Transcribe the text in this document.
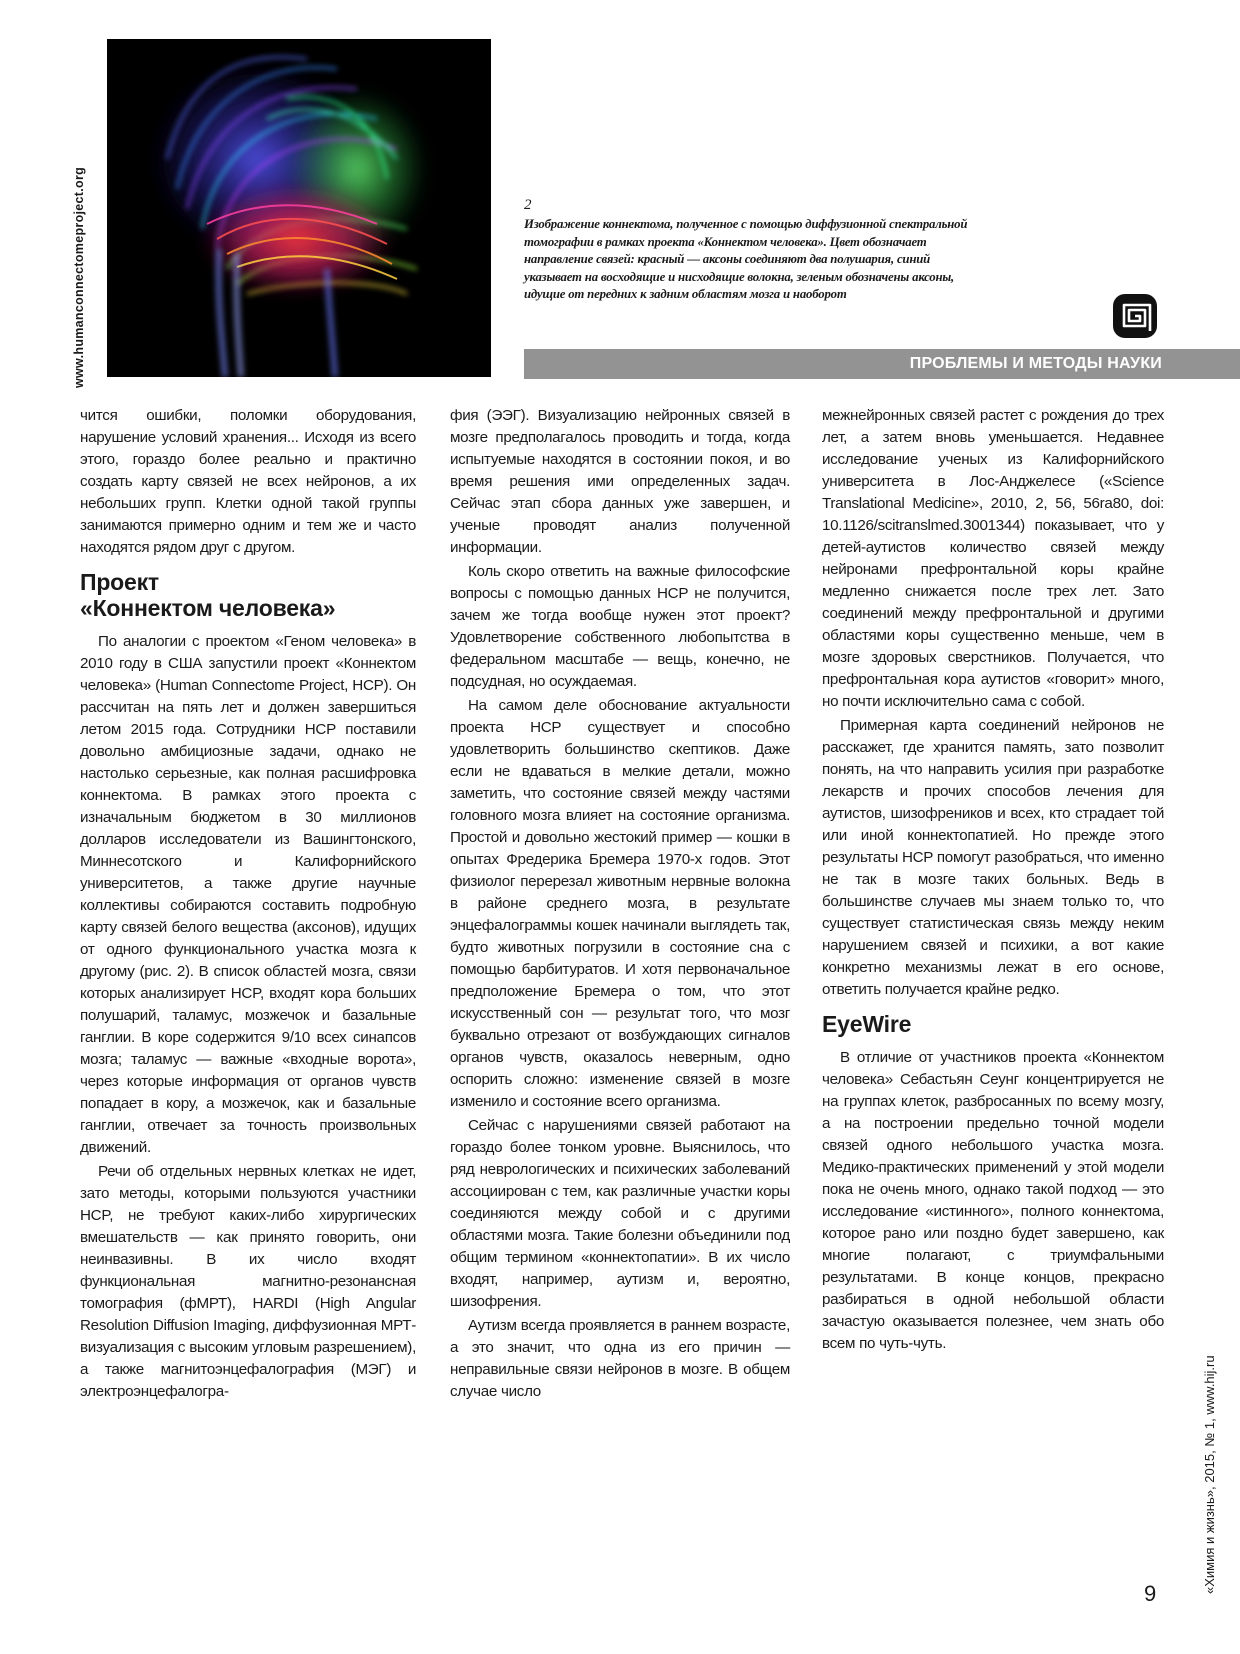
www.humanconnectomeproject.org	2
Изображение коннектома, полученное с помощью диффузионной спектральной томографии в рамках проекта «Коннектом человека». Цвет обозначает направление связей: красный — аксоны соединяют два полушария, синий указывает на восходящие и нисходящие волокна, зеленым обозначены аксоны, идущие от передних к задним областям мозга и наоборот
ПРОБЛЕМЫ И МЕТОДЫ НАУКИ

чится ошибки, поломки оборудования, нарушение условий хранения... Исходя из всего этого, гораздо более реально и практично создать карту связей не всех нейронов, а их небольших групп. Клетки одной такой группы занимаются примерно одним и тем же и часто находятся рядом друг с другом.

Проект
«Коннектом человека»

По аналогии с проектом «Геном человека» в 2010 году в США запустили проект «Коннектом человека» (Human Connectome Project, HCP). Он рассчитан на пять лет и должен завершиться летом 2015 года. Сотрудники HCP поставили довольно амбициозные задачи, однако не настолько серьезные, как полная расшифровка коннектома. В рамках этого проекта с изначальным бюджетом в 30 миллионов долларов исследователи из Вашингтонского, Миннесотского и Калифорнийского университетов, а также другие научные коллективы собираются составить подробную карту связей белого вещества (аксонов), идущих от одного функционального участка мозга к другому (рис. 2). В список областей мозга, связи которых анализирует HCP, входят кора больших полушарий, таламус, мозжечок и базальные ганглии. В коре содержится 9/10 всех синапсов мозга; таламус — важные «входные ворота», через которые информация от органов чувств попадает в кору, а мозжечок, как и базальные ганглии, отвечает за точность произвольных движений.

Речи об отдельных нервных клетках не идет, зато методы, которыми пользуются участники HCP, не требуют каких-либо хирургических вмешательств — как принято говорить, они неинвазивны. В их число входят функциональная магнитно-резонансная томография (фМРТ), HARDI (High Angular Resolution Diffusion Imaging, диффузионная МРТ-визуализация с высоким угловым разрешением), а также магнитоэнцефалография (МЭГ) и электроэнцефалогра-

фия (ЭЭГ). Визуализацию нейронных связей в мозге предполагалось проводить и тогда, когда испытуемые находятся в состоянии покоя, и во время решения ими определенных задач. Сейчас этап сбора данных уже завершен, и ученые проводят анализ полученной информации.

Коль скоро ответить на важные философские вопросы с помощью данных HCP не получится, зачем же тогда вообще нужен этот проект? Удовлетворение собственного любопытства в федеральном масштабе — вещь, конечно, не подсудная, но осуждаемая.

На самом деле обоснование актуальности проекта HCP существует и способно удовлетворить большинство скептиков. Даже если не вдаваться в мелкие детали, можно заметить, что состояние связей между частями головного мозга влияет на состояние организма. Простой и довольно жестокий пример — кошки в опытах Фредерика Бремера 1970-х годов. Этот физиолог перерезал животным нервные волокна в районе среднего мозга, в результате энцефалограммы кошек начинали выглядеть так, будто животных погрузили в состояние сна с помощью барбитуратов. И хотя первоначальное предположение Бремера о том, что этот искусственный сон — результат того, что мозг буквально отрезают от возбуждающих сигналов органов чувств, оказалось неверным, одно оспорить сложно: изменение связей в мозге изменило и состояние всего организма.

Сейчас с нарушениями связей работают на гораздо более тонком уровне. Выяснилось, что ряд неврологических и психических заболеваний ассоциирован с тем, как различные участки коры соединяются между собой и с другими областями мозга. Такие болезни объединили под общим термином «коннектопатии». В их число входят, например, аутизм и, вероятно, шизофрения.

Аутизм всегда проявляется в раннем возрасте, а это значит, что одна из его причин — неправильные связи нейронов в мозге. В общем случае число

межнейронных связей растет с рождения до трех лет, а затем вновь уменьшается. Недавнее исследование ученых из Калифорнийского университета в Лос-Анджелесе («Science Translational Medicine», 2010, 2, 56, 56ra80, doi: 10.1126/scitranslmed.3001344) показывает, что у детей-аутистов количество связей между нейронами префронтальной коры крайне медленно снижается после трех лет. Зато соединений между префронтальной и другими областями коры существенно меньше, чем в мозге здоровых сверстников. Получается, что префронтальная кора аутистов «говорит» много, но почти исключительно сама с собой.

Примерная карта соединений нейронов не расскажет, где хранится память, зато позволит понять, на что направить усилия при разработке лекарств и прочих способов лечения для аутистов, шизофреников и всех, кто страдает той или иной коннектопатией. Но прежде этого результаты HCP помогут разобраться, что именно не так в мозге таких больных. Ведь в большинстве случаев мы знаем только то, что существует статистическая связь между неким нарушением связей и психики, а вот какие конкретно механизмы лежат в его основе, ответить получается крайне редко.

EyeWire

В отличие от участников проекта «Коннектом человека» Себастьян Сеунг концентрируется не на группах клеток, разбросанных по всему мозгу, а на построении предельно точной модели связей одного небольшого участка мозга. Медико-практических применений у этой модели пока не очень много, однако такой подход — это исследование «истинного», полного коннектома, которое рано или поздно будет завершено, как многие полагают, с триумфальными результатами. В конце концов, прекрасно разбираться в одной небольшой области зачастую оказывается полезнее, чем знать обо всем по чуть-чуть.

«Химия и жизнь», 2015, № 1, www.hij.ru
9
